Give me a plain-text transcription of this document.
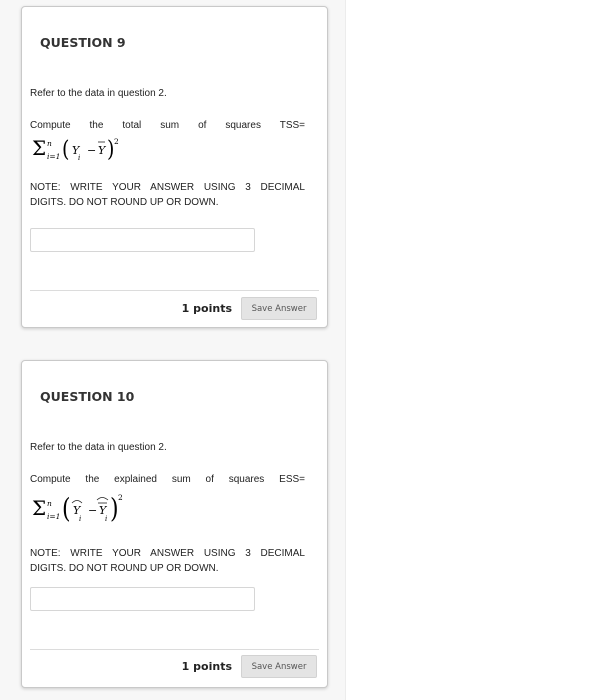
QUESTION 9

Refer to the data in question 2.

Compute the total sum of squares TSS=

Σ n
i=1 ( Y
i
− Y ) 2

NOTE: WRITE YOUR ANSWER USING 3 DECIMAL
DIGITS. DO NOT ROUND UP OR DOWN.

1 points	Save Answer
QUESTION 10

Refer to the data in question 2.

Compute the explained sum of squares ESS=

Σ n
i=1 ( Y
i
− Y
i ) 2

NOTE: WRITE YOUR ANSWER USING 3 DECIMAL
DIGITS. DO NOT ROUND UP OR DOWN.

1 points	Save Answer
